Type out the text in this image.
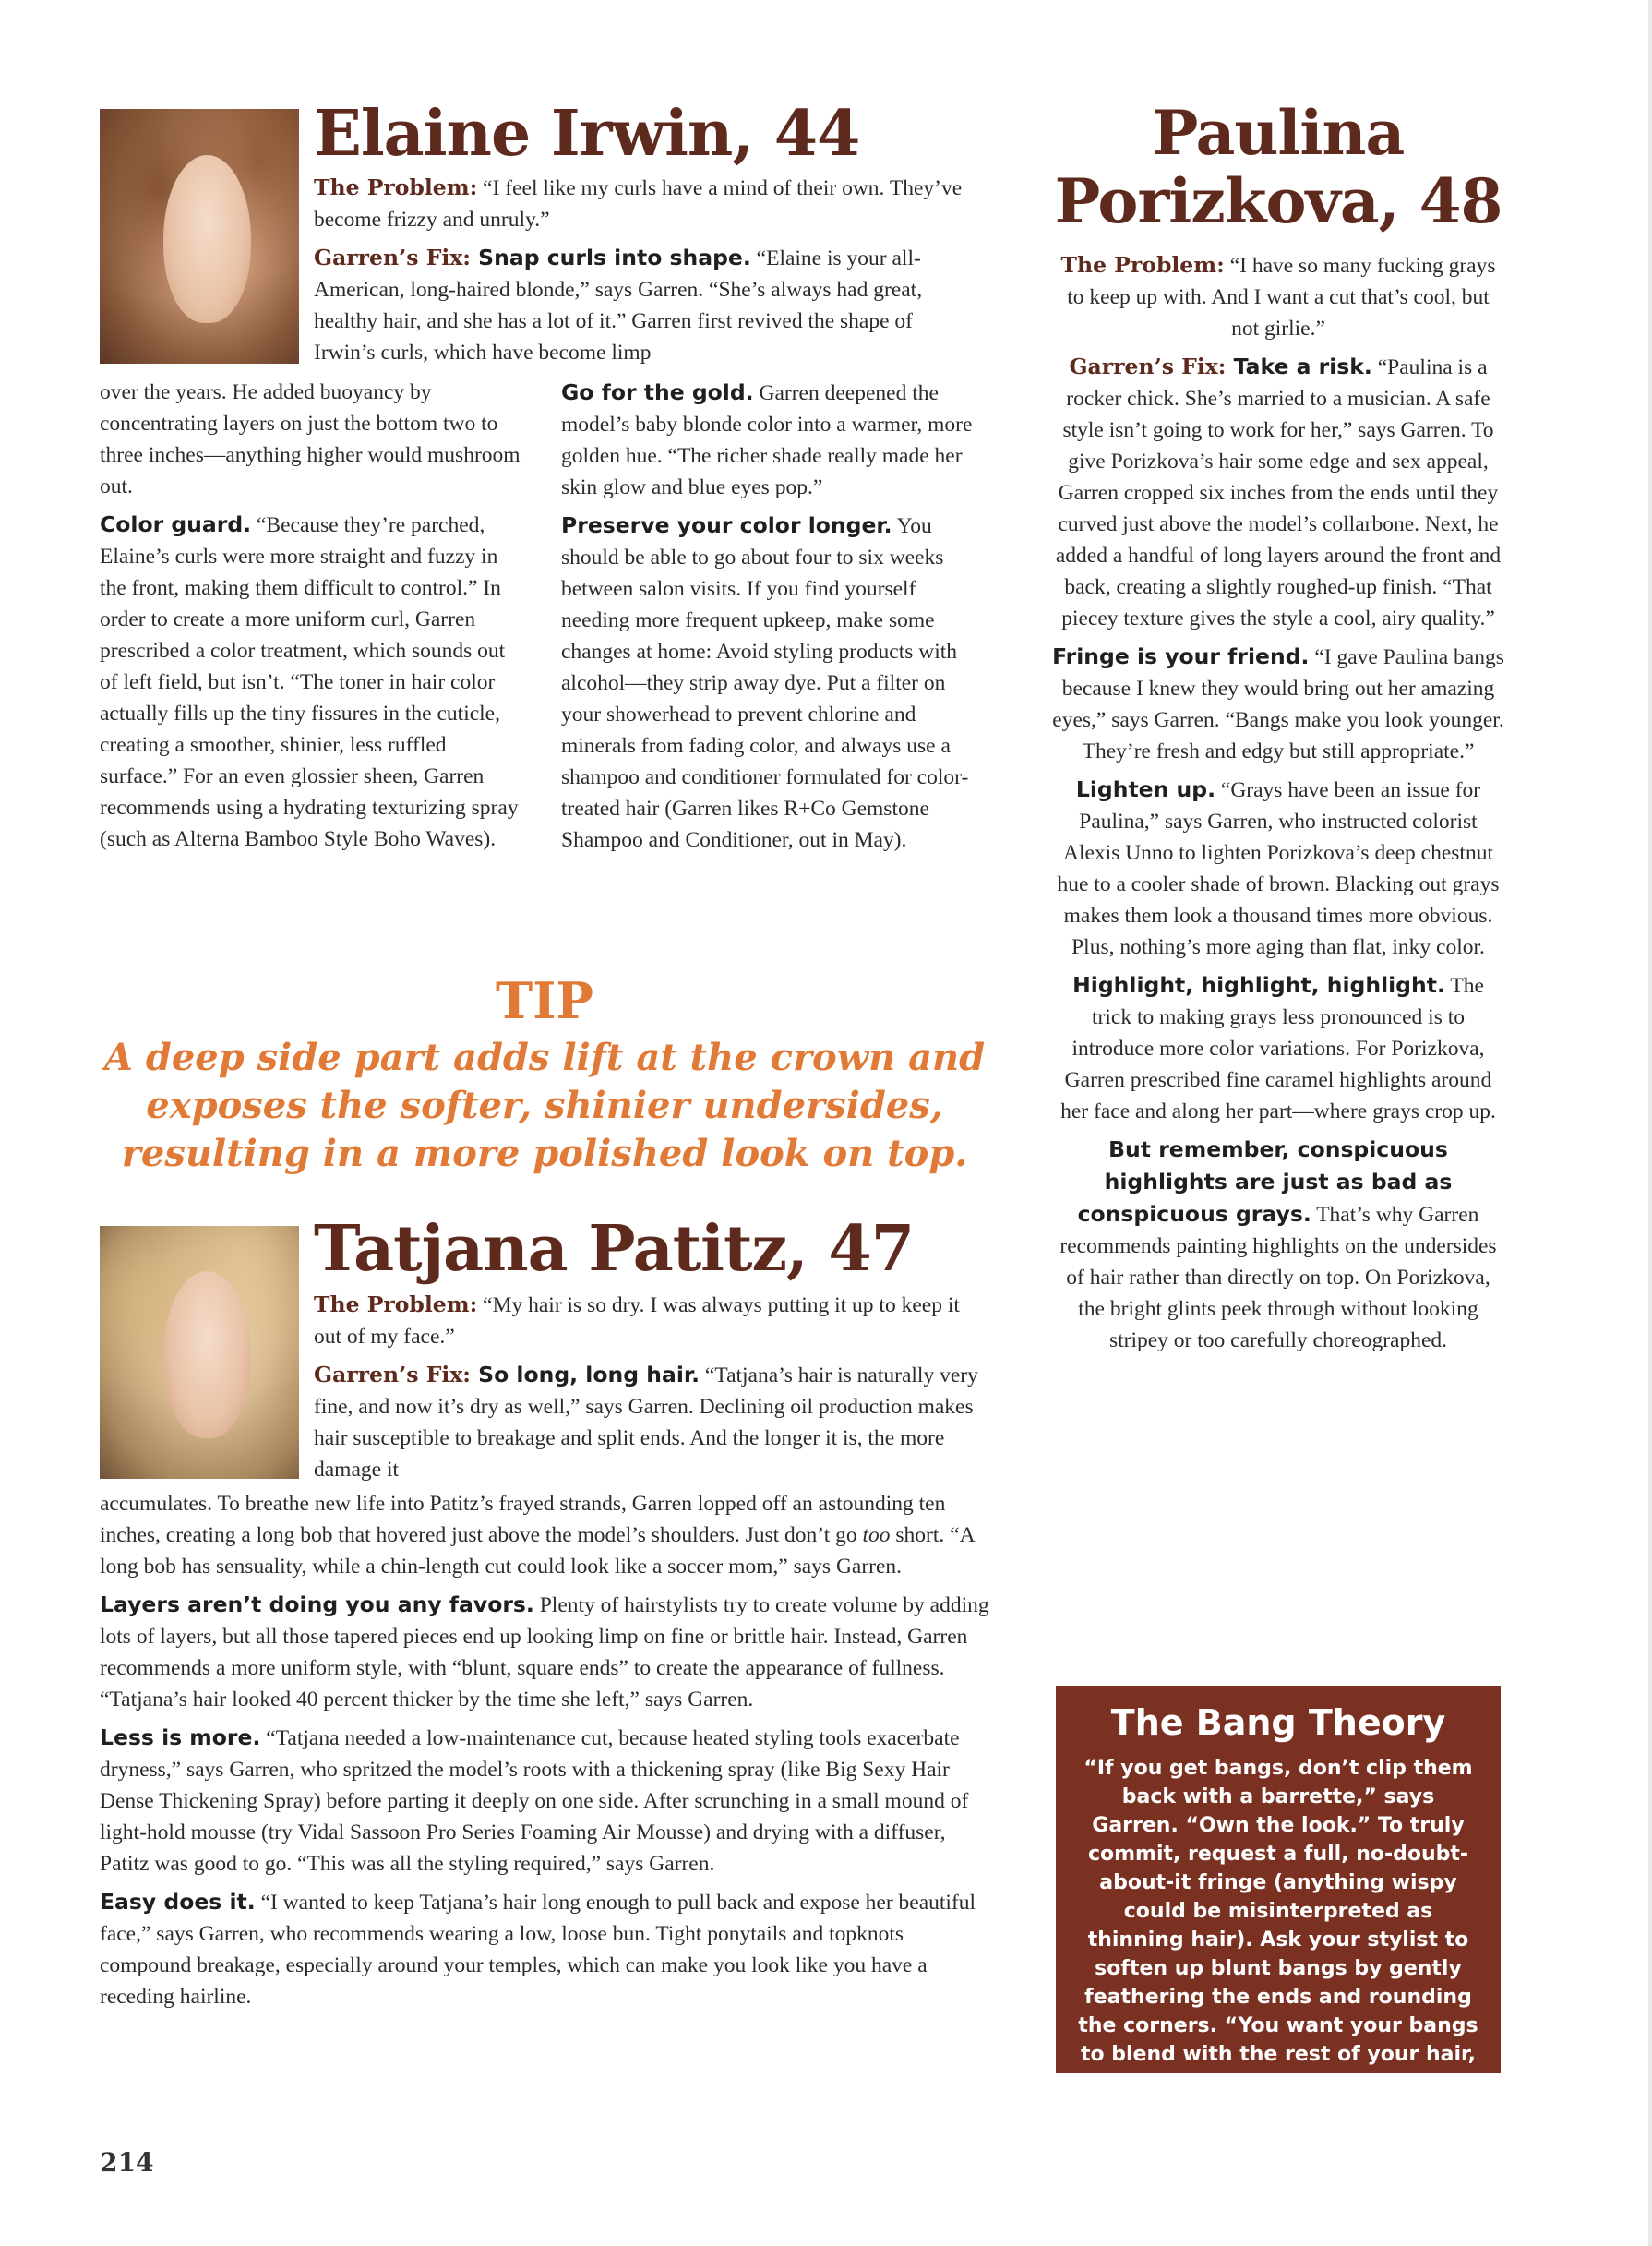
Elaine Irwin, 44

The Problem: “I feel like my curls have a mind of their own. They’ve become frizzy and unruly.”

Garren’s Fix: Snap curls into shape. “Elaine is your all-American, long-haired blonde,” says Garren. “She’s always had great, healthy hair, and she has a lot of it.” Garren first revived the shape of Irwin’s curls, which have become limp

over the years. He added buoyancy by concentrating layers on just the bottom two to three inches—anything higher would mushroom out.

Color guard. “Because they’re parched, Elaine’s curls were more straight and fuzzy in the front, making them difficult to control.” In order to create a more uniform curl, Garren prescribed a color treatment, which sounds out of left field, but isn’t. “The toner in hair color actually fills up the tiny fissures in the cuticle, creating a smoother, shinier, less ruffled surface.” For an even glossier sheen, Garren recommends using a hydrating texturizing spray (such as Alterna Bamboo Style Boho Waves).

Go for the gold. Garren deepened the model’s baby blonde color into a warmer, more golden hue. “The richer shade really made her skin glow and blue eyes pop.”

Preserve your color longer. You should be able to go about four to six weeks between salon visits. If you find yourself needing more frequent upkeep, make some changes at home: Avoid styling products with alcohol—they strip away dye. Put a filter on your showerhead to prevent chlorine and minerals from fading color, and always use a shampoo and conditioner formulated for color-treated hair (Garren likes R+Co Gemstone Shampoo and Conditioner, out in May).

TIP

A deep side part adds lift at the crown and exposes the softer, shinier undersides, resulting in a more polished look on top.

Tatjana Patitz, 47

The Problem: “My hair is so dry. I was always putting it up to keep it out of my face.”

Garren’s Fix: So long, long hair. “Tatjana’s hair is naturally very fine, and now it’s dry as well,” says Garren. Declining oil production makes hair susceptible to breakage and split ends. And the longer it is, the more damage it

accumulates. To breathe new life into Patitz’s frayed strands, Garren lopped off an astounding ten inches, creating a long bob that hovered just above the model’s shoulders. Just don’t go too short. “A long bob has sensuality, while a chin-length cut could look like a soccer mom,” says Garren.

Layers aren’t doing you any favors. Plenty of hairstylists try to create volume by adding lots of layers, but all those tapered pieces end up looking limp on fine or brittle hair. Instead, Garren recommends a more uniform style, with “blunt, square ends” to create the appearance of fullness. “Tatjana’s hair looked 40 percent thicker by the time she left,” says Garren.

Less is more. “Tatjana needed a low-maintenance cut, because heated styling tools exacerbate dryness,” says Garren, who spritzed the model’s roots with a thickening spray (like Big Sexy Hair Dense Thickening Spray) before parting it deeply on one side. After scrunching in a small mound of light-hold mousse (try Vidal Sassoon Pro Series Foaming Air Mousse) and drying with a diffuser, Patitz was good to go. “This was all the styling required,” says Garren.

Easy does it. “I wanted to keep Tatjana’s hair long enough to pull back and expose her beautiful face,” says Garren, who recommends wearing a low, loose bun. Tight ponytails and topknots compound breakage, especially around your temples, which can make you look like you have a receding hairline.

Paulina
Porizkova, 48

The Problem: “I have so many fucking grays to keep up with. And I want a cut that’s cool, but not girlie.”

Garren’s Fix: Take a risk. “Paulina is a rocker chick. She’s married to a musician. A safe style isn’t going to work for her,” says Garren. To give Porizkova’s hair some edge and sex appeal, Garren cropped six inches from the ends until they curved just above the model’s collarbone. Next, he added a handful of long layers around the front and back, creating a slightly roughed-up finish. “That piecey texture gives the style a cool, airy quality.”

Fringe is your friend. “I gave Paulina bangs because I knew they would bring out her amazing eyes,” says Garren. “Bangs make you look younger. They’re fresh and edgy but still appropriate.”

Lighten up. “Grays have been an issue for Paulina,” says Garren, who instructed colorist Alexis Unno to lighten Porizkova’s deep chestnut hue to a cooler shade of brown. Blacking out grays makes them look a thousand times more obvious. Plus, nothing’s more aging than flat, inky color.

Highlight, highlight, highlight. The trick to making grays less pronounced is to introduce more color variations. For Porizkova, Garren prescribed fine caramel highlights around her face and along her part—where grays crop up.

But remember, conspicuous highlights are just as bad as conspicuous grays. That’s why Garren recommends painting highlights on the undersides of hair rather than directly on top. On Porizkova, the bright glints peek through without looking stripey or too carefully choreographed.

The Bang Theory

“If you get bangs, don’t clip them back with a barrette,” says Garren. “Own the look.” To truly commit, request a full, no-doubt-about-it fringe (anything wispy could be misinterpreted as thinning hair). Ask your stylist to soften up blunt bangs by gently feathering the ends and rounding the corners. “You want your bangs to blend with the rest of your hair, not stop abruptly at the forehead,” says Garren.

214
